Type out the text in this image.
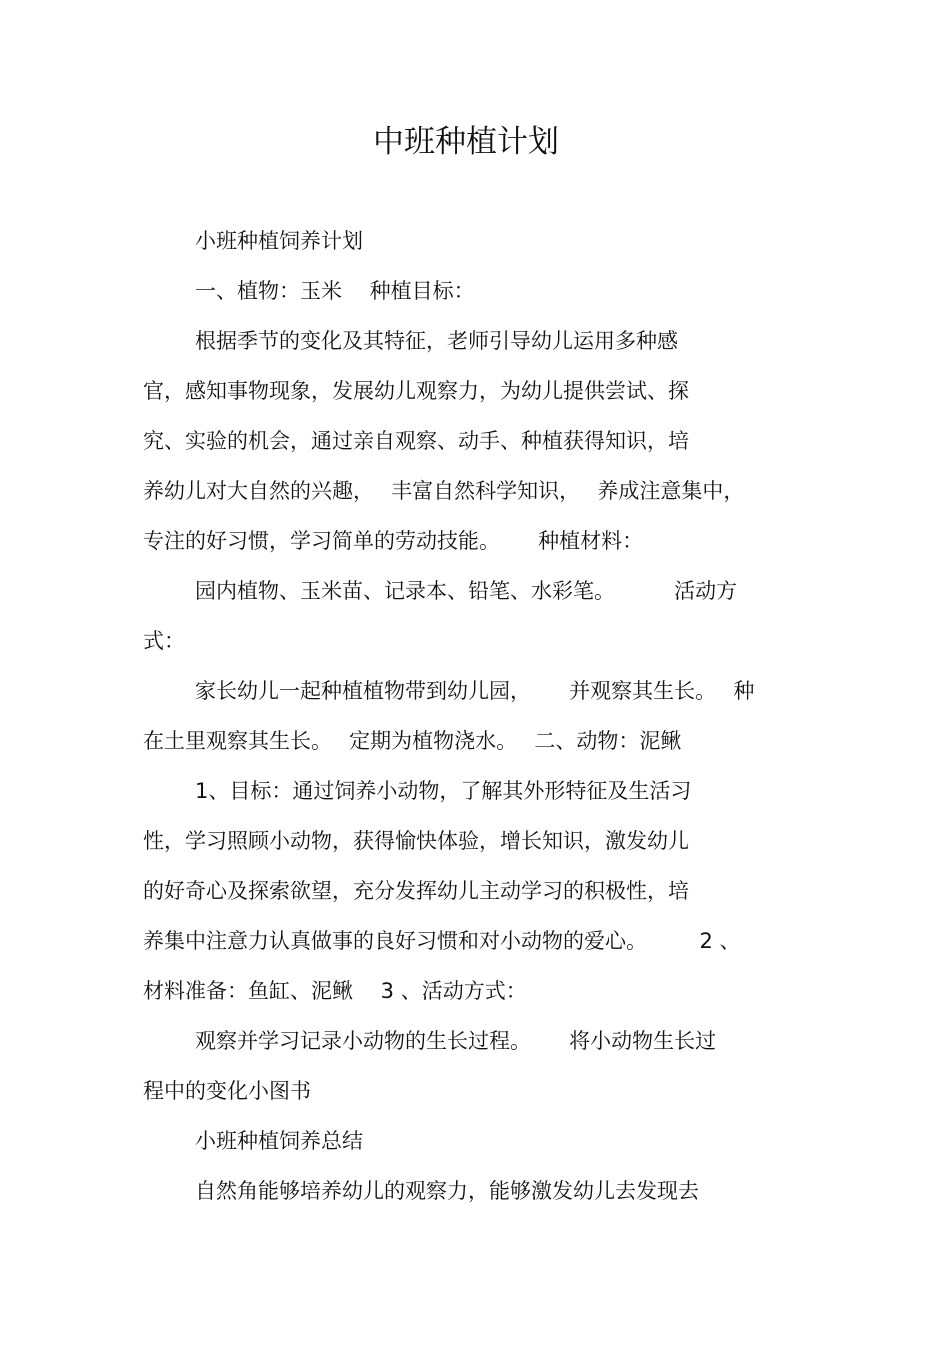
中班种植计划
小班种植饲养计划
一、植物：玉米　 种植目标：
根据季节的变化及其特征，老师引导幼儿运用多种感
官，感知事物现象，发展幼儿观察力，为幼儿提供尝试、探
究、实验的机会，通过亲自观察、动手、种植获得知识，培
养幼儿对大自然的兴趣，　 丰富自然科学知识，　 养成注意集中，
专注的好习惯，学习简单的劳动技能。　　 种植材料：
园内植物、玉米苗、记录本、铅笔、水彩笔。　　　 活动方
式：
家长幼儿一起种植植物带到幼儿园，　　 并观察其生长。　 种
在土里观察其生长。　 定期为植物浇水。　 二、动物：泥鳅
1、目标：通过饲养小动物，了解其外形特征及生活习
性，学习照顾小动物，获得愉快体验，增长知识，激发幼儿
的好奇心及探索欲望，充分发挥幼儿主动学习的积极性，培
养集中注意力认真做事的良好习惯和对小动物的爱心。　　　2 、
材料准备：鱼缸、泥鳅　 3 、活动方式：
观察并学习记录小动物的生长过程。　　 将小动物生长过
程中的变化小图书
小班种植饲养总结
自然角能够培养幼儿的观察力，能够激发幼儿去发现去
